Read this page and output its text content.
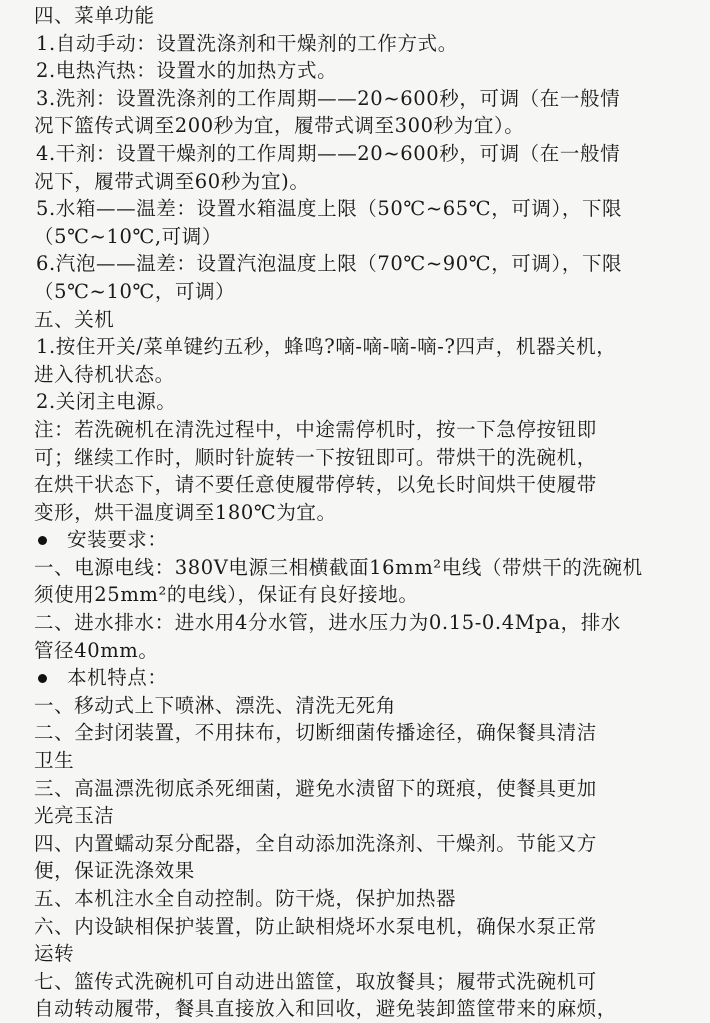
四、菜单功能
1.自动手动：设置洗涤剂和干燥剂的工作方式。
2.电热汽热：设置水的加热方式。
3.洗剂：设置洗涤剂的工作周期——20~600秒，可调（在一般情
况下篮传式调至200秒为宜，履带式调至300秒为宜）。
4.干剂：设置干燥剂的工作周期——20~600秒，可调（在一般情
况下，履带式调至60秒为宜)。
5.水箱——温差：设置水箱温度上限（50℃~65℃，可调），下限
（5℃~10℃,可调）
6.汽泡——温差：设置汽泡温度上限（70℃~90℃，可调），下限
（5℃~10℃，可调）
五、关机
1.按住开关/菜单键约五秒，蜂鸣?嘀-嘀-嘀-嘀-?四声，机器关机，
进入待机状态。
2.关闭主电源。
注：若洗碗机在清洗过程中，中途需停机时，按一下急停按钮即
可；继续工作时，顺时针旋转一下按钮即可。带烘干的洗碗机，
在烘干状态下，请不要任意使履带停转，以免长时间烘干使履带
变形，烘干温度调至180℃为宜。
安装要求：
一、电源电线：380V电源三相横截面16mm²电线（带烘干的洗碗机
须使用25mm²的电线），保证有良好接地。
二、进水排水：进水用4分水管，进水压力为0.15-0.4Mpa，排水
管径40mm。
本机特点：
一、移动式上下喷淋、漂洗、清洗无死角
二、全封闭装置，不用抹布，切断细菌传播途径，确保餐具清洁
卫生
三、高温漂洗彻底杀死细菌，避免水渍留下的斑痕，使餐具更加
光亮玉洁
四、内置蠕动泵分配器，全自动添加洗涤剂、干燥剂。节能又方
便，保证洗涤效果
五、本机注水全自动控制。防干烧，保护加热器
六、内设缺相保护装置，防止缺相烧坏水泵电机，确保水泵正常
运转
七、篮传式洗碗机可自动进出篮筐，取放餐具；履带式洗碗机可
自动转动履带，餐具直接放入和回收，避免装卸篮筐带来的麻烦，
